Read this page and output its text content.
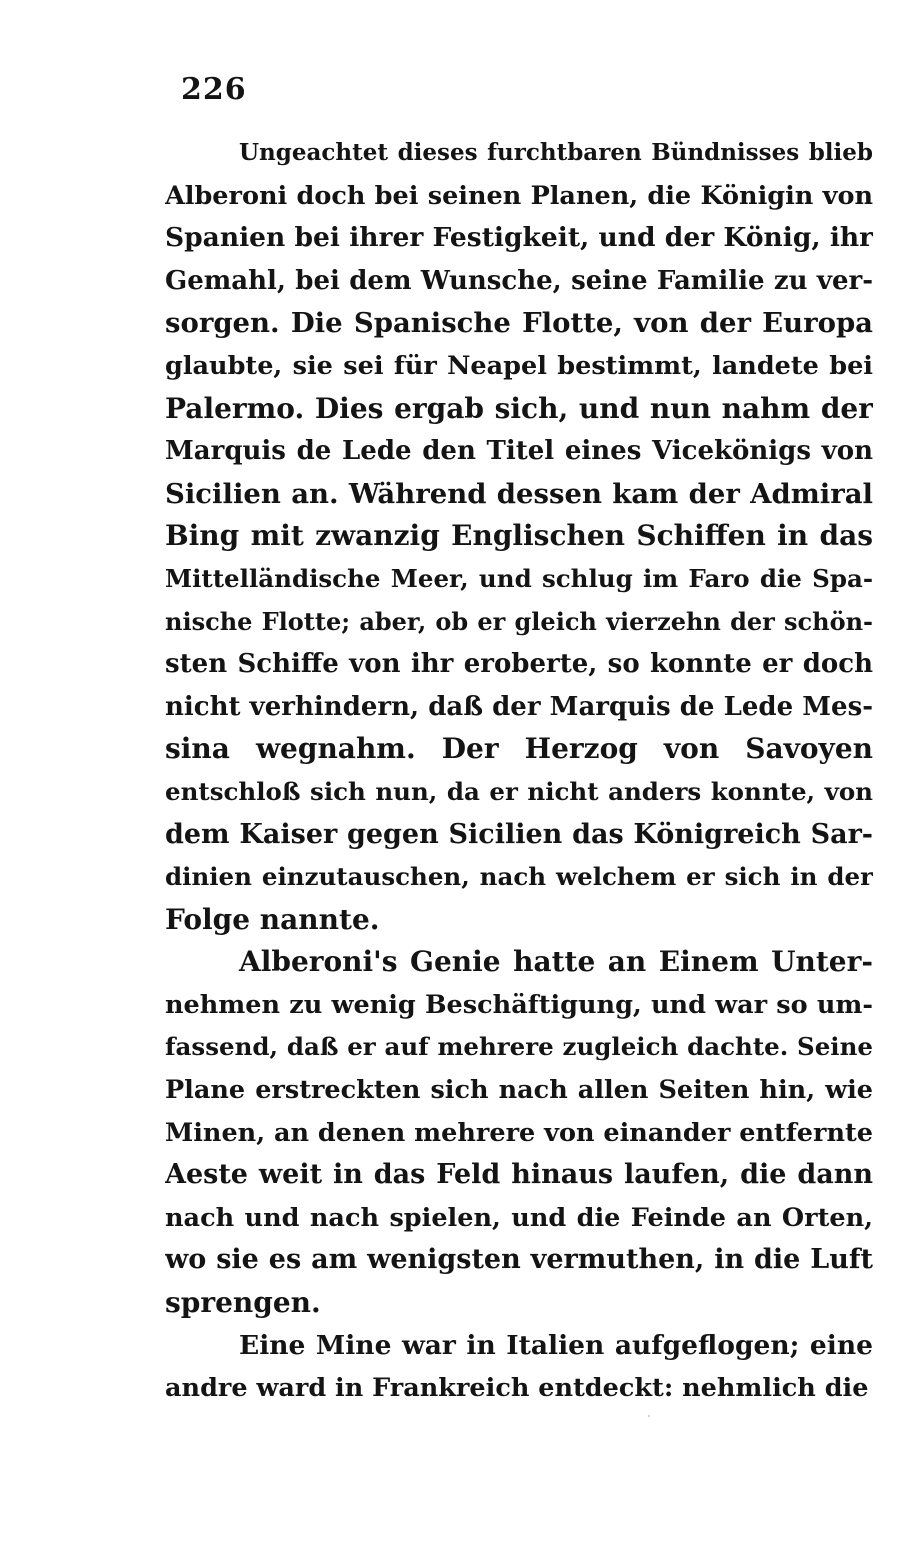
226
Ungeachtet dieses furchtbaren Bündnisses blieb
Alberoni doch bei seinen Planen, die Königin von
Spanien bei ihrer Festigkeit, und der König, ihr
Gemahl, bei dem Wunsche, seine Familie zu ver-
sorgen. Die Spanische Flotte, von der Europa
glaubte, sie sei für Neapel bestimmt, landete bei
Palermo. Dies ergab sich, und nun nahm der
Marquis de Lede den Titel eines Vicekönigs von
Sicilien an. Während dessen kam der Admiral
Bing mit zwanzig Englischen Schiffen in das
Mittelländische Meer, und schlug im Faro die Spa-
nische Flotte; aber, ob er gleich vierzehn der schön-
sten Schiffe von ihr eroberte, so konnte er doch
nicht verhindern, daß der Marquis de Lede Mes-
sina wegnahm. Der Herzog von Savoyen
entschloß sich nun, da er nicht anders konnte, von
dem Kaiser gegen Sicilien das Königreich Sar-
dinien einzutauschen, nach welchem er sich in der
Folge nannte.
Alberoni's Genie hatte an Einem Unter-
nehmen zu wenig Beschäftigung, und war so um-
fassend, daß er auf mehrere zugleich dachte. Seine
Plane erstreckten sich nach allen Seiten hin, wie
Minen, an denen mehrere von einander entfernte
Aeste weit in das Feld hinaus laufen, die dann
nach und nach spielen, und die Feinde an Orten,
wo sie es am wenigsten vermuthen, in die Luft
sprengen.
Eine Mine war in Italien aufgeflogen; eine
andre ward in Frankreich entdeckt: nehmlich die
